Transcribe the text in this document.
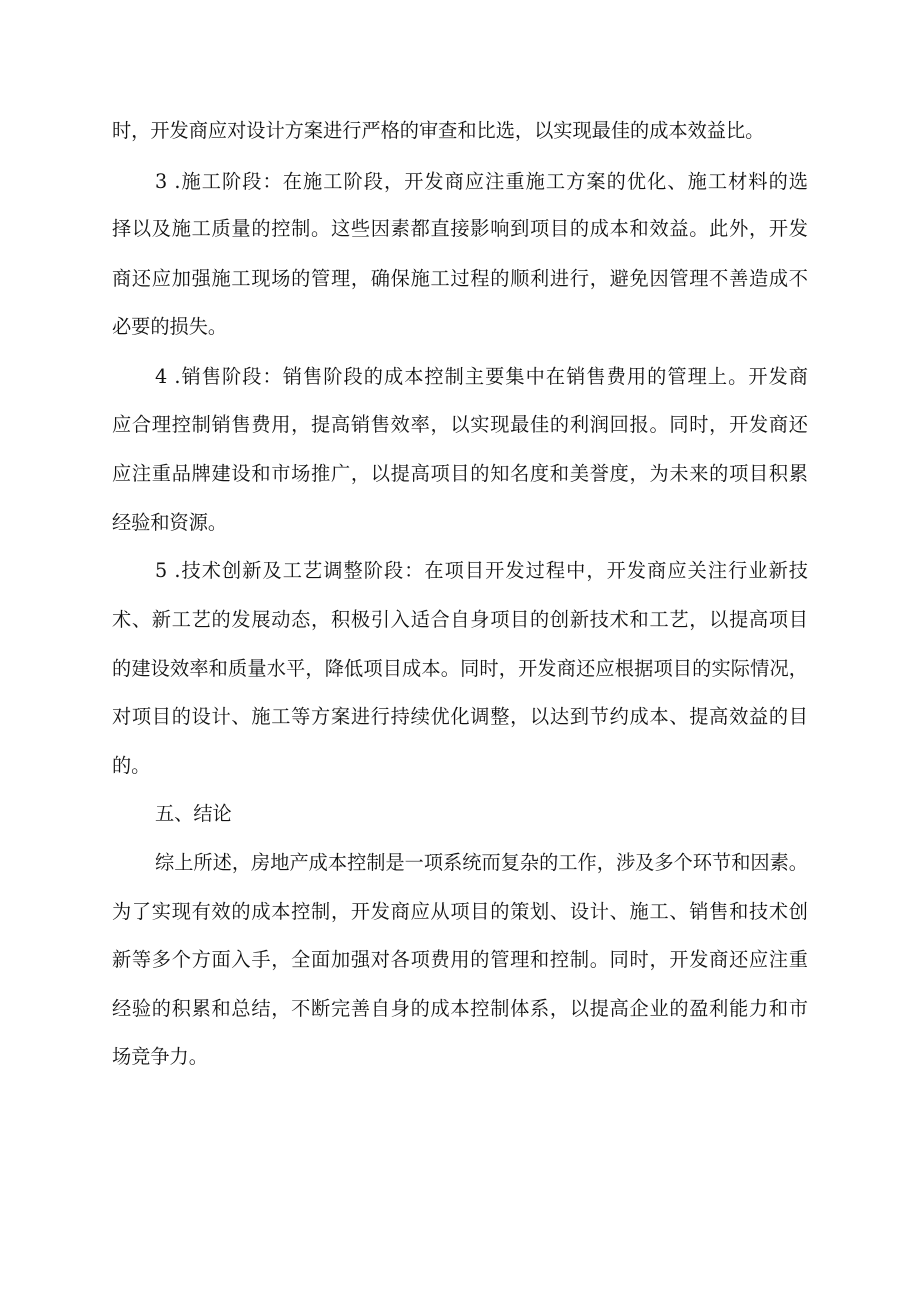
时，开发商应对设计方案进行严格的审查和比选，以实现最佳的成本效益比。
3 .施工阶段：在施工阶段，开发商应注重施工方案的优化、施工材料的选
择以及施工质量的控制。这些因素都直接影响到项目的成本和效益。此外，开发
商还应加强施工现场的管理，确保施工过程的顺利进行，避免因管理不善造成不
必要的损失。
4 .销售阶段：销售阶段的成本控制主要集中在销售费用的管理上。开发商
应合理控制销售费用，提高销售效率，以实现最佳的利润回报。同时，开发商还
应注重品牌建设和市场推广，以提高项目的知名度和美誉度，为未来的项目积累
经验和资源。
5 .技术创新及工艺调整阶段：在项目开发过程中，开发商应关注行业新技
术、新工艺的发展动态，积极引入适合自身项目的创新技术和工艺，以提高项目
的建设效率和质量水平，降低项目成本。同时，开发商还应根据项目的实际情况，
对项目的设计、施工等方案进行持续优化调整，以达到节约成本、提高效益的目
的。
五、结论
综上所述，房地产成本控制是一项系统而复杂的工作，涉及多个环节和因素。
为了实现有效的成本控制，开发商应从项目的策划、设计、施工、销售和技术创
新等多个方面入手，全面加强对各项费用的管理和控制。同时，开发商还应注重
经验的积累和总结，不断完善自身的成本控制体系，以提高企业的盈利能力和市
场竞争力。
